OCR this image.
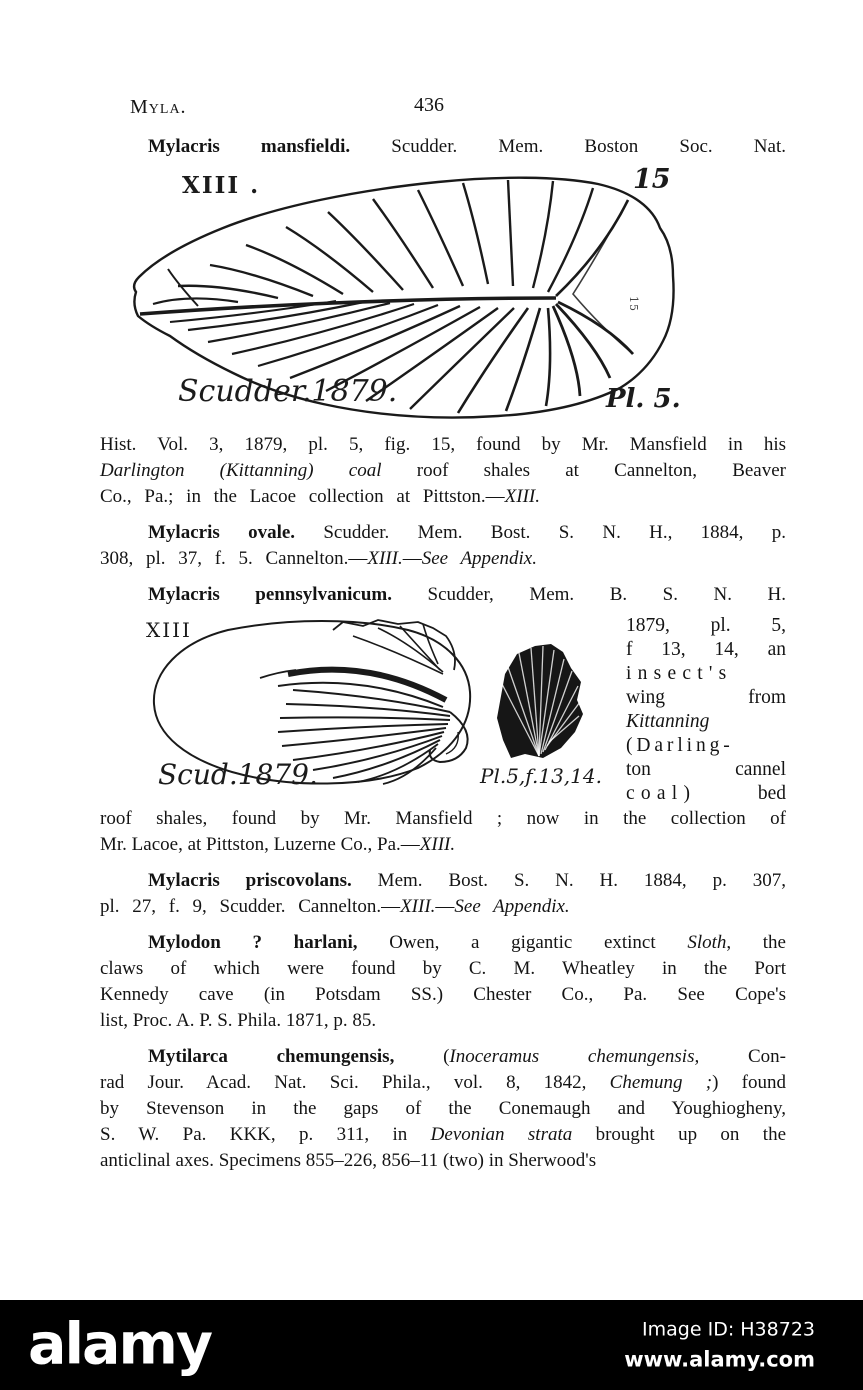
Myla.	436
Mylacris mansfieldi. Scudder. Mem. Boston Soc. Nat.
XIII .	15
15
Scudder.1879.	Pl. 5.
Hist. Vol. 3, 1879, pl. 5, fig. 15, found by Mr. Mansfield in his
Darlington (Kittanning) coal roof shales at Cannelton, Beaver
Co., Pa.; in the Lacoe collection at Pittston.—XIII.
Mylacris ovale. Scudder. Mem. Bost. S. N. H., 1884, p.
308, pl. 37, f. 5. Cannelton.—XIII.—See Appendix.
Mylacris pennsylvanicum. Scudder, Mem. B. S. N. H.
XIII
Scud.1879.	Pl.5,f.13,14.
1879, pl. 5,
f 13, 14, an
insect's
wing from
Kittanning
(Darling-
ton cannel
coal) bed
roof shales, found by Mr. Mansfield ; now in the collection of
Mr. Lacoe, at Pittston, Luzerne Co., Pa.—XIII.
Mylacris priscovolans. Mem. Bost. S. N. H. 1884, p. 307,
pl. 27, f. 9, Scudder. Cannelton.—XIII.—See Appendix.
Mylodon ? harlani, Owen, a gigantic extinct Sloth, the
claws of which were found by C. M. Wheatley in the Port
Kennedy cave (in Potsdam SS.) Chester Co., Pa. See Cope's
list, Proc. A. P. S. Phila. 1871, p. 85.
Mytilarca chemungensis, (Inoceramus chemungensis, Con-
rad Jour. Acad. Nat. Sci. Phila., vol. 8, 1842, Chemung ;) found
by Stevenson in the gaps of the Conemaugh and Youghiogheny,
S. W. Pa. KKK, p. 311, in Devonian strata brought up on the
anticlinal axes. Specimens 855–226, 856–11 (two) in Sherwood's
alamy	Image ID: H38723
www.alamy.com
